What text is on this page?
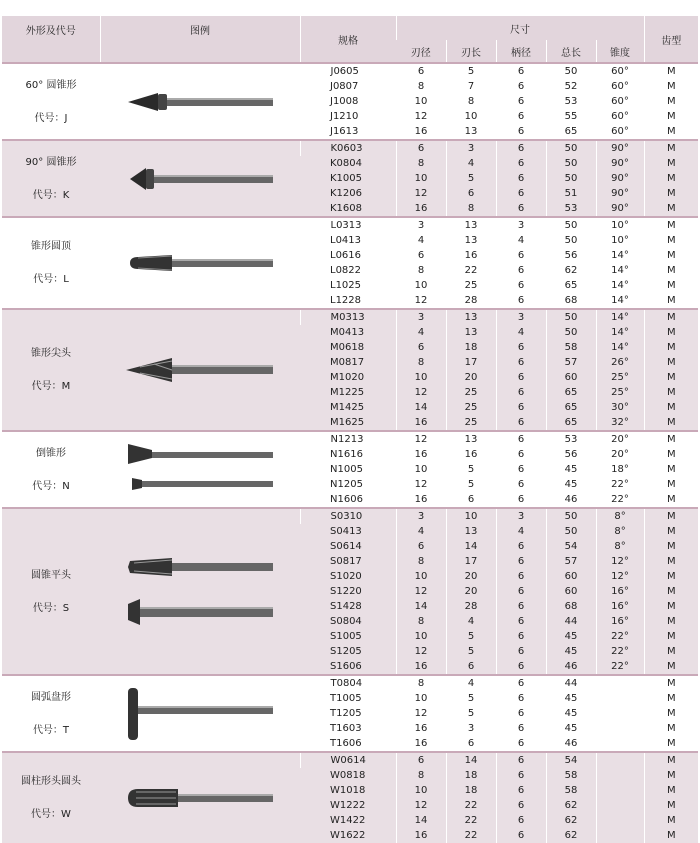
外形及代号	图例	规格	尺寸					齿型
			刃径	刃长	柄径	总长	锥度	

60° 圆锥形
代号：J		J0605	6	5	6	50	60°	M
		J0807	8	7	6	52	60°	M
		J1008	10	8	6	53	60°	M
		J1210	12	10	6	55	60°	M
		J1613	16	13	6	65	60°	M

90° 圆锥形
代号：K		K0603	6	3	6	50	90°	M
		K0804	8	4	6	50	90°	M
		K1005	10	5	6	50	90°	M
		K1206	12	6	6	51	90°	M
		K1608	16	8	6	53	90°	M

锥形圆顶
代号：L		L0313	3	13	3	50	10°	M
		L0413	4	13	4	50	10°	M
		L0616	6	16	6	56	14°	M
		L0822	8	22	6	62	14°	M
		L1025	10	25	6	65	14°	M
		L1228	12	28	6	68	14°	M

锥形尖头
代号：M		M0313	3	13	3	50	14°	M
		M0413	4	13	4	50	14°	M
		M0618	6	18	6	58	14°	M
		M0817	8	17	6	57	26°	M
		M1020	10	20	6	60	25°	M
		M1225	12	25	6	65	25°	M
		M1425	14	25	6	65	30°	M
		M1625	16	25	6	65	32°	M

倒锥形
代号：N		N1213	12	13	6	53	20°	M
		N1616	16	16	6	56	20°	M
		N1005	10	5	6	45	18°	M
		N1205	12	5	6	45	22°	M
		N1606	16	6	6	46	22°	M

圆锥平头
代号：S		S0310	3	10	3	50	8°	M
		S0413	4	13	4	50	8°	M
		S0614	6	14	6	54	8°	M
		S0817	8	17	6	57	12°	M
		S1020	10	20	6	60	12°	M
		S1220	12	20	6	60	16°	M
		S1428	14	28	6	68	16°	M
		S0804	8	4	6	44	16°	M
		S1005	10	5	6	45	22°	M
		S1205	12	5	6	45	22°	M
		S1606	16	6	6	46	22°	M

圆弧盘形
代号：T		T0804	8	4	6	44		M
		T1005	10	5	6	45		M
		T1205	12	5	6	45		M
		T1603	16	3	6	45		M
		T1606	16	6	6	46		M

圆柱形头圆头
代号：W		W0614	6	14	6	54		M
		W0818	8	18	6	58		M
		W1018	10	18	6	58		M
		W1222	12	22	6	62		M
		W1422	14	22	6	62		M
		W1622	16	22	6	62		M
